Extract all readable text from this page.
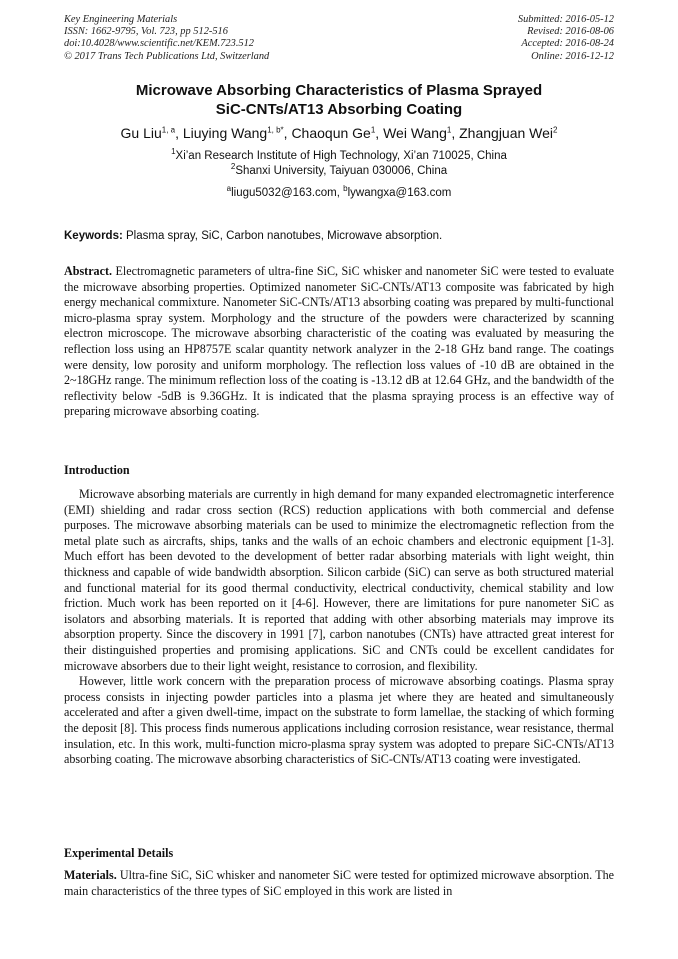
Key Engineering Materials
ISSN: 1662-9795, Vol. 723, pp 512-516
doi:10.4028/www.scientific.net/KEM.723.512
© 2017 Trans Tech Publications Ltd, Switzerland
Submitted: 2016-05-12
Revised: 2016-08-06
Accepted: 2016-08-24
Online: 2016-12-12
Microwave Absorbing Characteristics of Plasma Sprayed
SiC-CNTs/AT13 Absorbing Coating
Gu Liu$^{1, a}$, Liuying Wang$^{1, b*}$, Chaoqun Ge$^1$, Wei Wang$^1$, Zhangjuan Wei$^2$
$^1$Xi’an Research Institute of High Technology, Xi’an 710025, China
$^2$Shanxi University, Taiyuan 030006, China
$^a$liugu5032@163.com, $^b$lywangxa@163.com
Keywords: Plasma spray, SiC, Carbon nanotubes, Microwave absorption.
Abstract. Electromagnetic parameters of ultra-fine SiC, SiC whisker and nanometer SiC were tested to evaluate the microwave absorbing properties. Optimized nanometer SiC-CNTs/AT13 composite was fabricated by high energy mechanical commixture. Nanometer SiC-CNTs/AT13 absorbing coating was prepared by multi-functional micro-plasma spray system. Morphology and the structure of the powders were characterized by scanning electron microscope. The microwave absorbing characteristic of the coating was evaluated by measuring the reflection loss using an HP8757E scalar quantity network analyzer in the 2-18 GHz band range. The coatings were density, low porosity and uniform morphology. The reflection loss values of -10 dB are obtained in the 2~18GHz range. The minimum reflection loss of the coating is -13.12 dB at 12.64 GHz, and the bandwidth of the reflectivity below -5dB is 9.36GHz. It is indicated that the plasma spraying process is an effective way of preparing microwave absorbing coating.
Introduction

Microwave absorbing materials are currently in high demand for many expanded electromagnetic interference (EMI) shielding and radar cross section (RCS) reduction applications with both commercial and defense purposes. The microwave absorbing materials can be used to minimize the electromagnetic reflection from the metal plate such as aircrafts, ships, tanks and the walls of an echoic chambers and electronic equipment [1-3]. Much effort has been devoted to the development of better radar absorbing materials with light weight, thin thickness and capable of wide bandwidth absorption. Silicon carbide (SiC) can serve as both structured material and functional material for its good thermal conductivity, electrical conductivity, chemical stability and low friction. Much work has been reported on it [4-6]. However, there are limitations for pure nanometer SiC as isolators and absorbing materials. It is reported that adding with other absorbing materials may improve its absorption property. Since the discovery in 1991 [7], carbon nanotubes (CNTs) have attracted great interest for their distinguished properties and promising applications. SiC and CNTs could be excellent candidates for microwave absorbers due to their light weight, resistance to corrosion, and flexibility.

However, little work concern with the preparation process of microwave absorbing coatings. Plasma spray process consists in injecting powder particles into a plasma jet where they are heated and simultaneously accelerated and after a given dwell-time, impact on the substrate to form lamellae, the stacking of which forming the deposit [8]. This process finds numerous applications including corrosion resistance, wear resistance, thermal insulation, etc. In this work, multi-function micro-plasma spray system was adopted to prepare SiC-CNTs/AT13 absorbing coating. The microwave absorbing characteristics of SiC-CNTs/AT13 coating were investigated.

Experimental Details
Materials. Ultra-fine SiC, SiC whisker and nanometer SiC were tested for optimized microwave absorption. The main characteristics of the three types of SiC employed in this work are listed in
